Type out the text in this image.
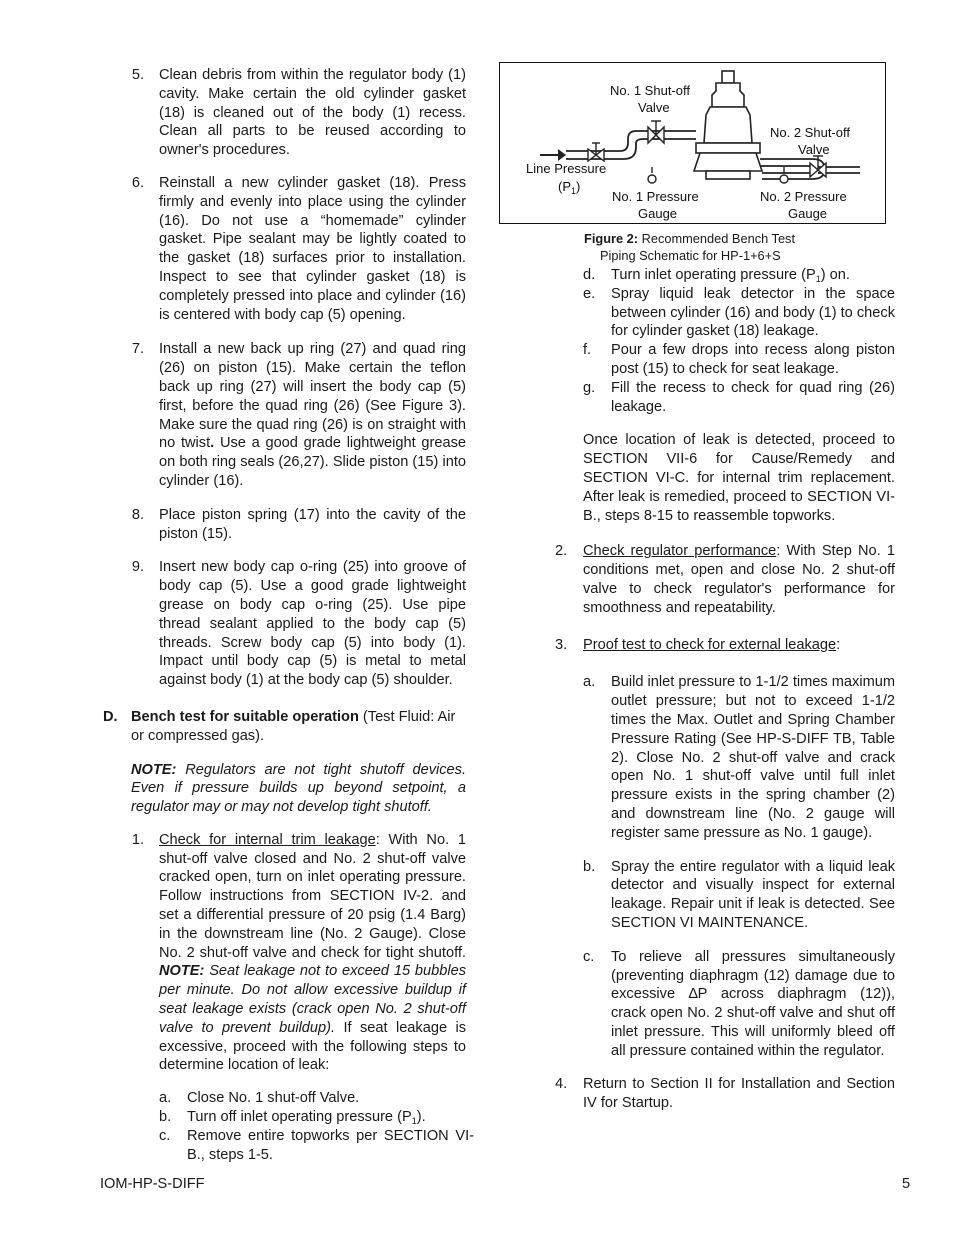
5. Clean debris from within the regulator body (1) cavity. Make certain the old cylinder gasket (18) is cleaned out of the body (1) recess. Clean all parts to be reused according to owner's procedures.
6. Reinstall a new cylinder gasket (18). Press firmly and evenly into place using the cylinder (16). Do not use a “homemade” cylinder gasket. Pipe sealant may be lightly coated to the gasket (18) surfaces prior to installation. Inspect to see that cylinder gasket (18) is completely pressed into place and cylinder (16) is centered with body cap (5) opening.
7. Install a new back up ring (27) and quad ring (26) on piston (15). Make certain the teflon back up ring (27) will insert the body cap (5) first, before the quad ring (26) (See Figure 3). Make sure the quad ring (26) is on straight with no twist. Use a good grade lightweight grease on both ring seals (26,27). Slide piston (15) into cylinder (16).
8. Place piston spring (17) into the cavity of the piston (15).
9. Insert new body cap o-ring (25) into groove of body cap (5). Use a good grade lightweight grease on body cap o-ring (25). Use pipe thread sealant applied to the body cap (5) threads. Screw body cap (5) into body (1). Impact until body cap (5) is metal to metal against body (1) at the body cap (5) shoulder.
D. Bench test for suitable operation (Test Fluid: Air or compressed gas).
NOTE: Regulators are not tight shutoff devices. Even if pressure builds up beyond setpoint, a regulator may or may not develop tight shutoff.
1. Check for internal trim leakage: With No. 1 shut-off valve closed and No. 2 shut-off valve cracked open, turn on inlet operating pressure. Follow instructions from SECTION IV-2. and set a differential pressure of 20 psig (1.4 Barg) in the downstream line (No. 2 Gauge). Close No. 2 shut-off valve and check for tight shutoff. NOTE: Seat leakage not to exceed 15 bubbles per minute. Do not allow excessive buildup if seat leakage exists (crack open No. 2 shut-off valve to prevent buildup). If seat leakage is excessive, proceed with the following steps to determine location of leak:
a. Close No. 1 shut-off Valve.
b. Turn off inlet operating pressure $(P_1)$.
c. Remove entire topworks per SECTION VI-B., steps 1-5.
No. 1 Shut-off
Valve
No. 2 Shut-off
Valve
Line Pressure
$(P_1)$
No. 1 Pressure
Gauge
No. 2 Pressure
Gauge
Figure 2: Recommended Bench Test
Piping Schematic for HP-1+6+S
d. Turn inlet operating pressure $(P_1)$ on.
e. Spray liquid leak detector in the space between cylinder (16) and body (1) to check for cylinder gasket (18) leakage.
f. Pour a few drops into recess along piston post (15) to check for seat leakage.
g. Fill the recess to check for quad ring (26) leakage.
Once location of leak is detected, proceed to SECTION VII-6 for Cause/Remedy and SECTION VI-C. for internal trim replacement. After leak is remedied, proceed to SECTION VI-B., steps 8-15 to reassemble topworks.
2. Check regulator performance: With Step No. 1 conditions met, open and close No. 2 shut-off valve to check regulator's performance for smoothness and repeatability.
3. Proof test to check for external leakage:
a. Build inlet pressure to 1-1/2 times maximum outlet pressure; but not to exceed 1-1/2 times the Max. Outlet and Spring Chamber Pressure Rating (See HP-S-DIFF TB, Table 2). Close No. 2 shut-off valve and crack open No. 1 shut-off valve until full inlet pressure exists in the spring chamber (2) and downstream line (No. 2 gauge will register same pressure as No. 1 gauge).
b. Spray the entire regulator with a liquid leak detector and visually inspect for external leakage. Repair unit if leak is detected. See SECTION VI MAINTENANCE.
c. To relieve all pressures simultaneously (preventing diaphragm (12) damage due to excessive ∆P across diaphragm (12)), crack open No. 2 shut-off valve and shut off inlet pressure. This will uniformly bleed off all pressure contained within the regulator.
4. Return to Section II for Installation and Section IV for Startup.
IOM-HP-S-DIFF	5
